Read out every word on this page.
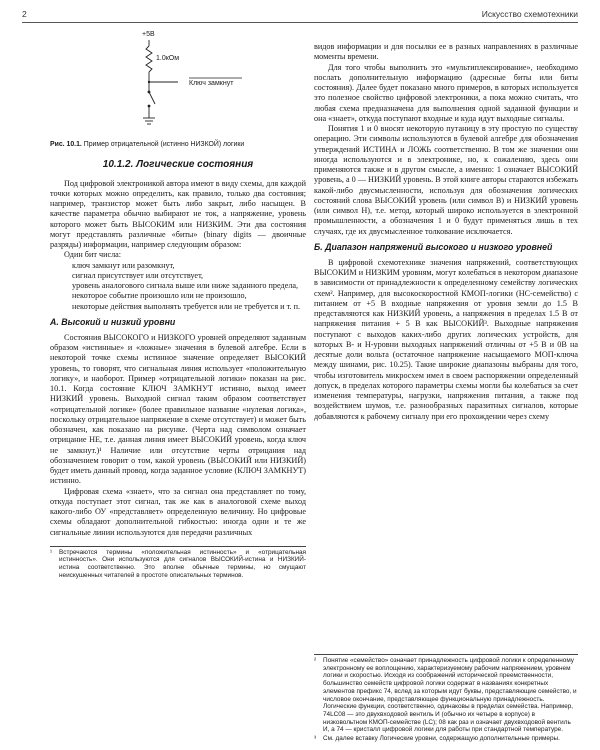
2	Искусство схемотехники
+5В
1.0кОм
Ключ замкнут

Рис. 10.1. Пример отрицательной (истинно НИЗКОЙ) логики

10.1.2. Логические состояния

Под цифровой электроникой автора имеют в виду схемы, для каждой точки которых можно определить, как правило, только два состояния; например, транзистор может быть либо закрыт, либо насыщен. В качестве параметра обычно выбирают не ток, а напряжение, уровень которого может быть ВЫСОКИМ или НИЗКИМ. Эти два состояния могут представлять различные «биты» (binary digits — двоичные разряды) информации, например следующим образом:

Один бит числа:

ключ замкнут или разомкнут,

сигнал присутствует или отсутствует,

уровень аналогового сигнала выше или ниже заданного предела,

некоторое событие произошло или не произошло,

некоторые действия выполнять требуется или не требуется и т. п.

А. Высокий и низкий уровни

Состояния ВЫСОКОГО и НИЗКОГО уровней определяют заданным образом «истинные» и «ложные» значения в булевой алгебре. Если в некоторой точке схемы истинное значение определяет ВЫСОКИЙ уровень, то говорят, что сигнальная линия использует «положительную логику», и наоборот. Пример «отрицательной логики» показан на рис. 10.1. Когда состояние КЛЮЧ ЗАМКНУТ истинно, выход имеет НИЗКИЙ уровень. Выходной сигнал таким образом соответствует «отрицательной логике» (более правильное название «нулевая логика», поскольку отрицательное напряжение в схеме отсутствует) и может быть обозначен, как показано на рисунке. (Черта над символом означает отрицание НЕ, т.е. данная линия имеет ВЫСОКИЙ уровень, когда ключ не замкнут.)¹ Наличие или отсутствие черты отрицания над обозначением говорит о том, какой уровень (ВЫСОКИЙ или НИЗКИЙ) будет иметь данный провод, когда заданное условие (КЛЮЧ ЗАМКНУТ) истинно.

Цифровая схема «знает», что за сигнал она представляет по тому, откуда поступает этот сигнал, так же как в аналоговой схеме выход какого-либо ОУ «представляет» определенную величину. Но цифровые схемы обладают дополнительной гибкостью: иногда одни и те же сигнальные линии используются для передачи различных

¹ Встречаются термины «положительная истинность» и «отрицательная истинность». Они используются для сигналов ВЫСОКИЙ-истина и НИЗКИЙ-истина соответственно. Это вполне обычные термины, но смущают неискушенных читателей в простоте описательных терминов.

видов информации и для посылки ее в разных направлениях в различные моменты времени.

Для того чтобы выполнить это «мультиплексирование», необходимо послать дополнительную информацию (адресные биты или биты состояния). Далее будет показано много примеров, в которых используется это полезное свойство цифровой электроники, а пока можно считать, что любая схема предназначена для выполнения одной заданной функции и она «знает», откуда поступают входные и куда идут выходные сигналы.

Понятия 1 и 0 вносят некоторую путаницу в эту простую по существу операцию. Эти символы используются в булевой алгебре для обозначения утверждений ИСТИНА и ЛОЖЬ соответственно. В том же значении они иногда используются и в электронике, но, к сожалению, здесь они применяются также и в другом смысле, а именно: 1 означает ВЫСОКИЙ уровень, а 0 — НИЗКИЙ уровень. В этой книге авторы стараются избежать какой-либо двусмысленности, используя для обозначения логических состояний слова ВЫСОКИЙ уровень (или символ В) и НИЗКИЙ уровень (или символ Н), т.е. метод, который широко используется в электронной промышленности, а обозначения 1 и 0 будут применяться лишь в тех случаях, где их двусмысленное толкование исключается.

Б. Диапазон напряжений высокого и низкого уровней

В цифровой схемотехнике значения напряжений, соответствующих ВЫСОКИМ и НИЗКИМ уровням, могут колебаться в некотором диапазоне в зависимости от принадлежности к определенному семейству логических схем². Например, для высокоскоростной КМОП-логики (HC-семейство) с питанием от +5 В входные напряжения от уровня земли до 1.5 В представляются как НИЗКИЙ уровень, а напряжения в пределах 1.5 В от напряжения питания + 5 В как ВЫСОКИЙ³. Выходные напряжения поступают с выходов каких-либо других логических устройств, для которых В- и Н-уровни выходных напряжений отличны от +5 В и 0В на десятые доли вольта (остаточное напряжение насыщаемого МОП-ключа между шинами, рис. 10.25). Такие широкие диапазоны выбраны для того, чтобы изготовитель микросхем имел в своем распоряжении определенный допуск, в пределах которого параметры схемы могли бы колебаться за счет изменения температуры, нагрузки, напряжения питания, а также под воздействием шумов, т.е. разнообразных паразитных сигналов, которые добавляются к рабочему сигналу при его прохождении через схему

² Понятие «семейство» означает принадлежность цифровой логики к определенному электронному ее воплощению, характеризуемому рабочим напряжением, уровнем логики и скоростью. Исходя из соображений исторической преемственности, большинство семейств цифровой логики содержат в названиях конкретных элементов префикс 74, вслед за которым идут буквы, представляющие семейство, и числовое окончание, представляющее функциональную принадлежность. Логические функции, соответственно, одинаковы в пределах семейства. Например, 74LC08 — это двухвходовой вентиль И (обычно их четыре в корпусе) в низковольтном КМОП-семействе (LC); 08 как раз и означает двухвходовой вентиль И, а 74 — кристалл цифровой логики для работы при стандартной температуре.

³ См. далее вставку Логические уровни, содержащую дополнительные примеры.
